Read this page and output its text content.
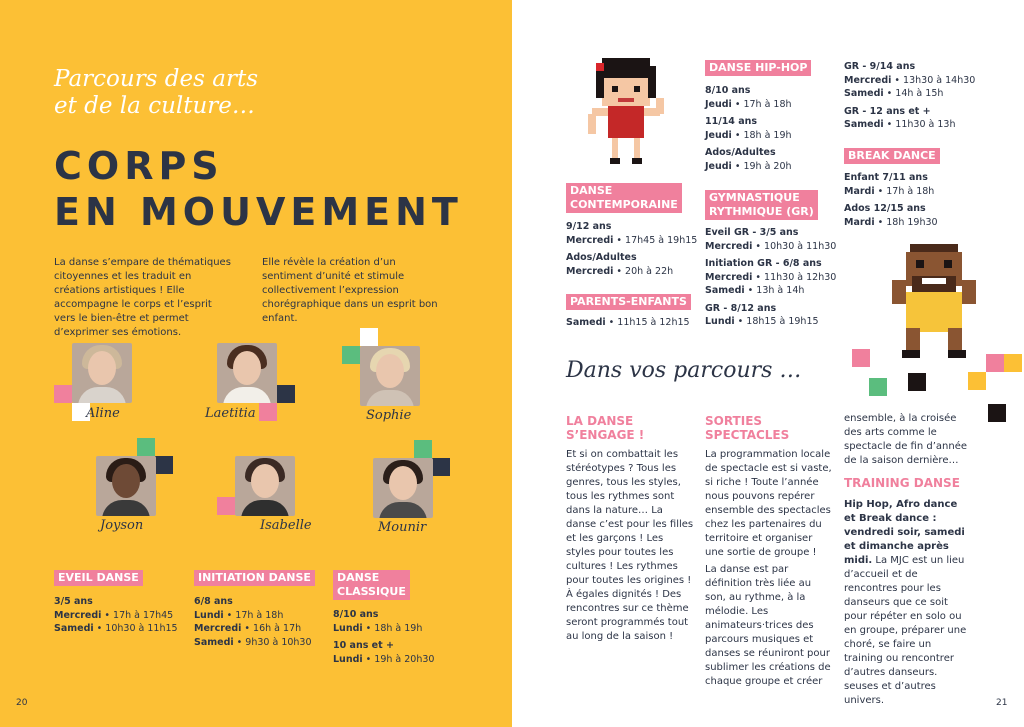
Parcours des arts
et de la culture…
CORPS
EN MOUVEMENT
La danse s’empare de thématiques citoyennes et les traduit en créations artistiques ! Elle accompagne le corps et l’esprit vers le bien-être et permet d’exprimer ses émotions.
Elle révèle la création d’un sentiment d’unité et stimule collectivement l’expression chorégraphique dans un esprit bon enfant.
Aline	Laetitia	Sophie
Joyson	Isabelle	Mounir
EVEIL DANSE
3/5 ans
Mercredi • 17h à 17h45
Samedi • 10h30 à 11h15
INITIATION DANSE
6/8 ans
Lundi • 17h à 18h
Mercredi • 16h à 17h
Samedi • 9h30 à 10h30
DANSE
CLASSIQUE
8/10 ans
Lundi • 18h à 19h
10 ans et +
Lundi • 19h à 20h30
20
DANSE
CONTEMPORAINE
9/12 ans
Mercredi • 17h45 à 19h15
Ados/Adultes
Mercredi • 20h à 22h
PARENTS-ENFANTS
Samedi • 11h15 à 12h15
DANSE HIP-HOP
8/10 ans
Jeudi • 17h à 18h
11/14 ans
Jeudi • 18h à 19h
Ados/Adultes
Jeudi • 19h à 20h
GYMNASTIQUE
RYTHMIQUE (GR)
Eveil GR - 3/5 ans
Mercredi • 10h30 à 11h30
Initiation GR - 6/8 ans
Mercredi • 11h30 à 12h30
Samedi • 13h à 14h
GR - 8/12 ans
Lundi • 18h15 à 19h15
GR - 9/14 ans
Mercredi • 13h30 à 14h30
Samedi • 14h à 15h
GR - 12 ans et +
Samedi • 11h30 à 13h
BREAK DANCE
Enfant 7/11 ans
Mardi • 17h à 18h
Ados 12/15 ans
Mardi • 18h 19h30
Dans vos parcours …
LA DANSE
S’ENGAGE !
Et si on combattait les stéréotypes ? Tous les genres, tous les styles, tous les rythmes sont dans la nature… La danse c’est pour les filles et les garçons ! Les styles pour toutes les cultures ! Les rythmes pour toutes les origines ! À égales dignités ! Des rencontres sur ce thème seront programmés tout au long de la saison !
SORTIES
SPECTACLES
La programmation locale de spectacle est si vaste, si riche ! Toute l’année nous pouvons repérer ensemble des spectacles chez les partenaires du territoire et organiser une sortie de groupe !
La danse est par définition très liée au son, au rythme, à la mélodie. Les animateurs·trices des parcours musiques et danses se réuniront pour sublimer les créations de chaque groupe et créer
ensemble, à la croisée des arts comme le spectacle de fin d’année de la saison dernière…
TRAINING DANSE
Hip Hop, Afro dance et Break dance : vendredi soir, samedi et dimanche après midi. La MJC est un lieu d’accueil et de rencontres pour les danseurs que ce soit pour répéter en solo ou en groupe, préparer une choré, se faire un training ou rencontrer d’autres danseurs. seuses et d’autres univers.	21
